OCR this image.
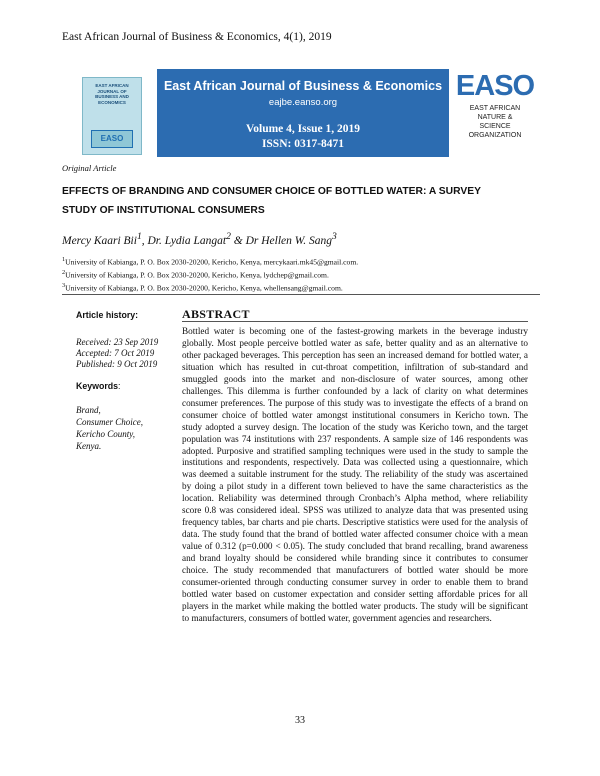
East African Journal of Business & Economics, 4(1), 2019
EAST AFRICAN JOURNAL OF BUSINESS AND ECONOMICS
EASO
East African Journal of Business & Economics
eajbe.eanso.org
Volume 4, Issue 1, 2019
ISSN: 0317-8471
EASO
EAST AFRICAN
NATURE &
SCIENCE
ORGANIZATION
Original Article
EFFECTS OF BRANDING AND CONSUMER CHOICE OF BOTTLED WATER: A SURVEY
STUDY OF INSTITUTIONAL CONSUMERS
Mercy Kaari Bii$^1$, Dr. Lydia Langat$^2$ & Dr Hellen W. Sang$^3$
$^1$University of Kabianga, P. O. Box 2030-20200, Kericho, Kenya, mercykaari.mk45@gmail.com.
$^2$University of Kabianga, P. O. Box 2030-20200, Kericho, Kenya, lydchep@gmail.com.
$^3$University of Kabianga, P. O. Box 2030-20200, Kericho, Kenya, whellensang@gmail.com.
Article history:
Received: 23 Sep 2019
Accepted: 7 Oct 2019
Published: 9 Oct 2019
Keywords:
Brand,
Consumer Choice,
Kericho County,
Kenya.
ABSTRACT
Bottled water is becoming one of the fastest-growing markets in the beverage industry globally. Most people perceive bottled water as safe, better quality and as an alternative to other packaged beverages. This perception has seen an increased demand for bottled water, a situation which has resulted in cut-throat competition, infiltration of sub-standard and smuggled goods into the market and non-disclosure of water sources, among other challenges. This dilemma is further confounded by a lack of clarity on what determines consumer preferences. The purpose of this study was to investigate the effects of a brand on consumer choice of bottled water amongst institutional consumers in Kericho town. The study adopted a survey design. The location of the study was Kericho town, and the target population was 74 institutions with 237 respondents. A sample size of 146 respondents was adopted. Purposive and stratified sampling techniques were used in the study to sample the institutions and respondents, respectively. Data was collected using a questionnaire, which was deemed a suitable instrument for the study. The reliability of the study was ascertained by doing a pilot study in a different town believed to have the same characteristics as the location. Reliability was determined through Cronbach’s Alpha method, where reliability score 0.8 was considered ideal. SPSS was utilized to analyze data that was presented using frequency tables, bar charts and pie charts. Descriptive statistics were used for the analysis of data. The study found that the brand of bottled water affected consumer choice with a mean value of 0.312 (p=0.000 < 0.05). The study concluded that brand recalling, brand awareness and brand loyalty should be considered while branding since it contributes to consumer choice. The study recommended that manufacturers of bottled water should be more consumer-oriented through conducting consumer survey in order to enable them to brand bottled water based on customer expectation and consider setting affordable prices for all players in the market while making the bottled water products. The study will be significant to manufacturers, consumers of bottled water, government agencies and researchers.
33
